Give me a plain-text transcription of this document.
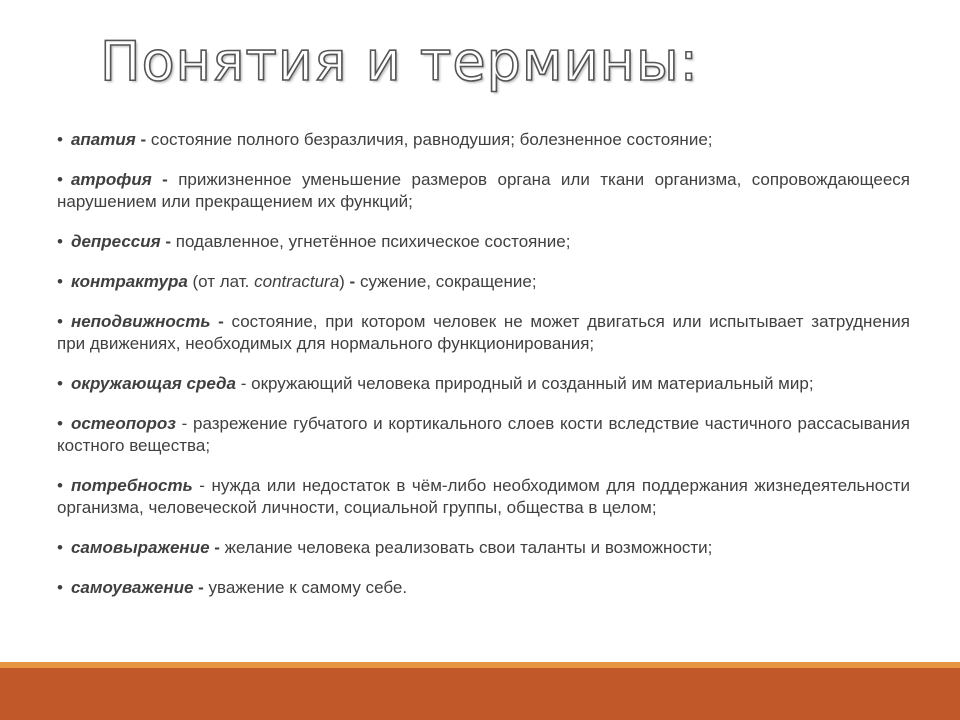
Понятия и термины:
• апатия - состояние полного безразличия, равнодушия; болезненное состояние;
• атрофия - прижизненное уменьшение размеров органа или ткани организма, сопровождающееся нарушением или прекращением их функций;
• депрессия - подавленное, угнетённое психическое состояние;
• контрактура (от лат. contractura) - сужение, сокращение;
• неподвижность - состояние, при котором человек не может двигаться или испытывает затруднения при движениях, необходимых для нормального функционирования;
• окружающая среда - окружающий человека природный и созданный им материальный мир;
• остеопороз - разрежение губчатого и кортикального слоев кости вследствие частичного рассасывания костного вещества;
• потребность - нужда или недостаток в чём-либо необходимом для поддержания жизнедеятельности организма, человеческой личности, социальной группы, общества в целом;
• самовыражение - желание человека реализовать свои таланты и возможности;
• самоуважение - уважение к самому себе.
